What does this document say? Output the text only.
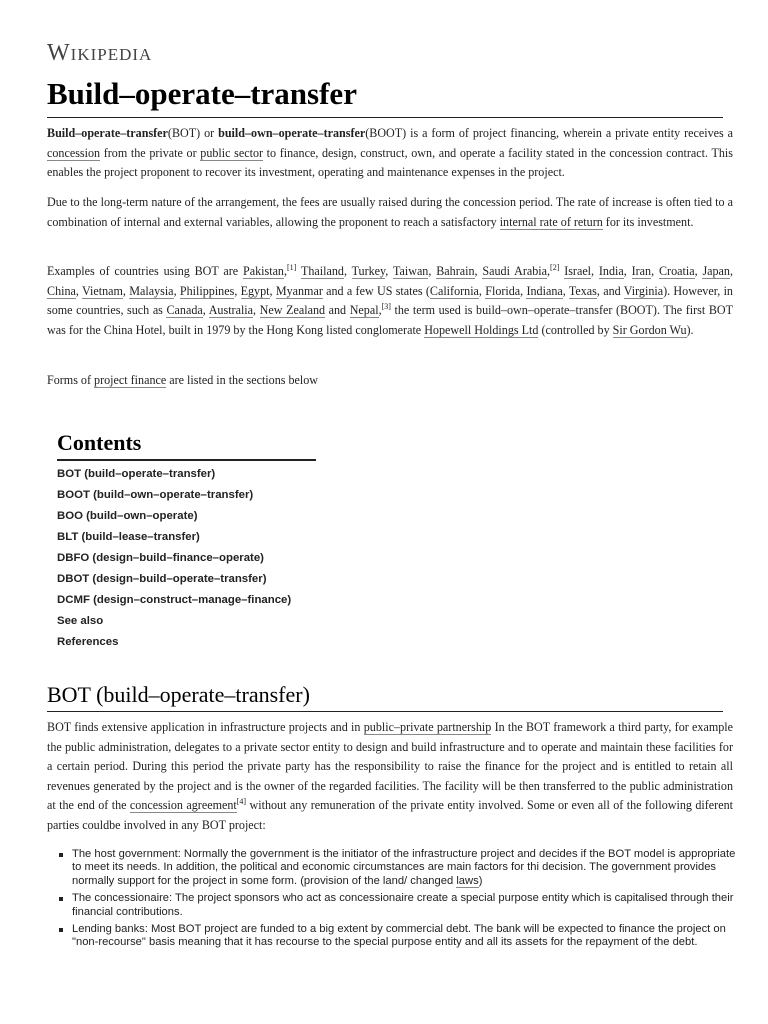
Wikipedia
Build–operate–transfer

Build–operate–transfer(BOT) or build–own–operate–transfer(BOOT) is a form of project financing, wherein a private entity receives a concession from the private or public sector to finance, design, construct, own, and operate a facility stated in the concession contract. This enables the project proponent to recover its investment, operating and maintenance expenses in the project.

Due to the long-term nature of the arrangement, the fees are usually raised during the concession period. The rate of increase is often tied to a combination of internal and external variables, allowing the proponent to reach a satisfactory internal rate of return for its investment.

Examples of countries using BOT are Pakistan,[1] Thailand, Turkey, Taiwan, Bahrain, Saudi Arabia,[2] Israel, India, Iran, Croatia, Japan, China, Vietnam, Malaysia, Philippines, Egypt, Myanmar and a few US states (California, Florida, Indiana, Texas, and Virginia). However, in some countries, such as Canada, Australia, New Zealand and Nepal,[3] the term used is build–own–operate–transfer (BOOT). The first BOT was for the China Hotel, built in 1979 by the Hong Kong listed conglomerate Hopewell Holdings Ltd (controlled by Sir Gordon Wu).

Forms of project finance are listed in the sections below

Contents
BOT (build–operate–transfer)
BOOT (build–own–operate–transfer)
BOO (build–own–operate)
BLT (build–lease–transfer)
DBFO (design–build–finance–operate)
DBOT (design–build–operate–transfer)
DCMF (design–construct–manage–finance)
See also
References
BOT (build–operate–transfer)

BOT finds extensive application in infrastructure projects and in public–private partnership In the BOT framework a third party, for example the public administration, delegates to a private sector entity to design and build infrastructure and to operate and maintain these facilities for a certain period. During this period the private party has the responsibility to raise the finance for the project and is entitled to retain all revenues generated by the project and is the owner of the regarded facilities. The facility will be then transferred to the public administration at the end of the concession agreement[4] without any remuneration of the private entity involved. Some or even all of the following diferent parties couldbe involved in any BOT project:

The host government: Normally the government is the initiator of the infrastructure project and decides if the BOT model is appropriate to meet its needs. In addition, the political and economic circumstances are main factors for thi decision. The government provides normally support for the project in some form. (provision of the land/ changed laws)
The concessionaire: The project sponsors who act as concessionaire create a special purpose entity which is capitalised through their financial contributions.
Lending banks: Most BOT project are funded to a big extent by commercial debt. The bank will be expected to finance the project on "non-recourse" basis meaning that it has recourse to the special purpose entity and all its assets for the repayment of the debt.
